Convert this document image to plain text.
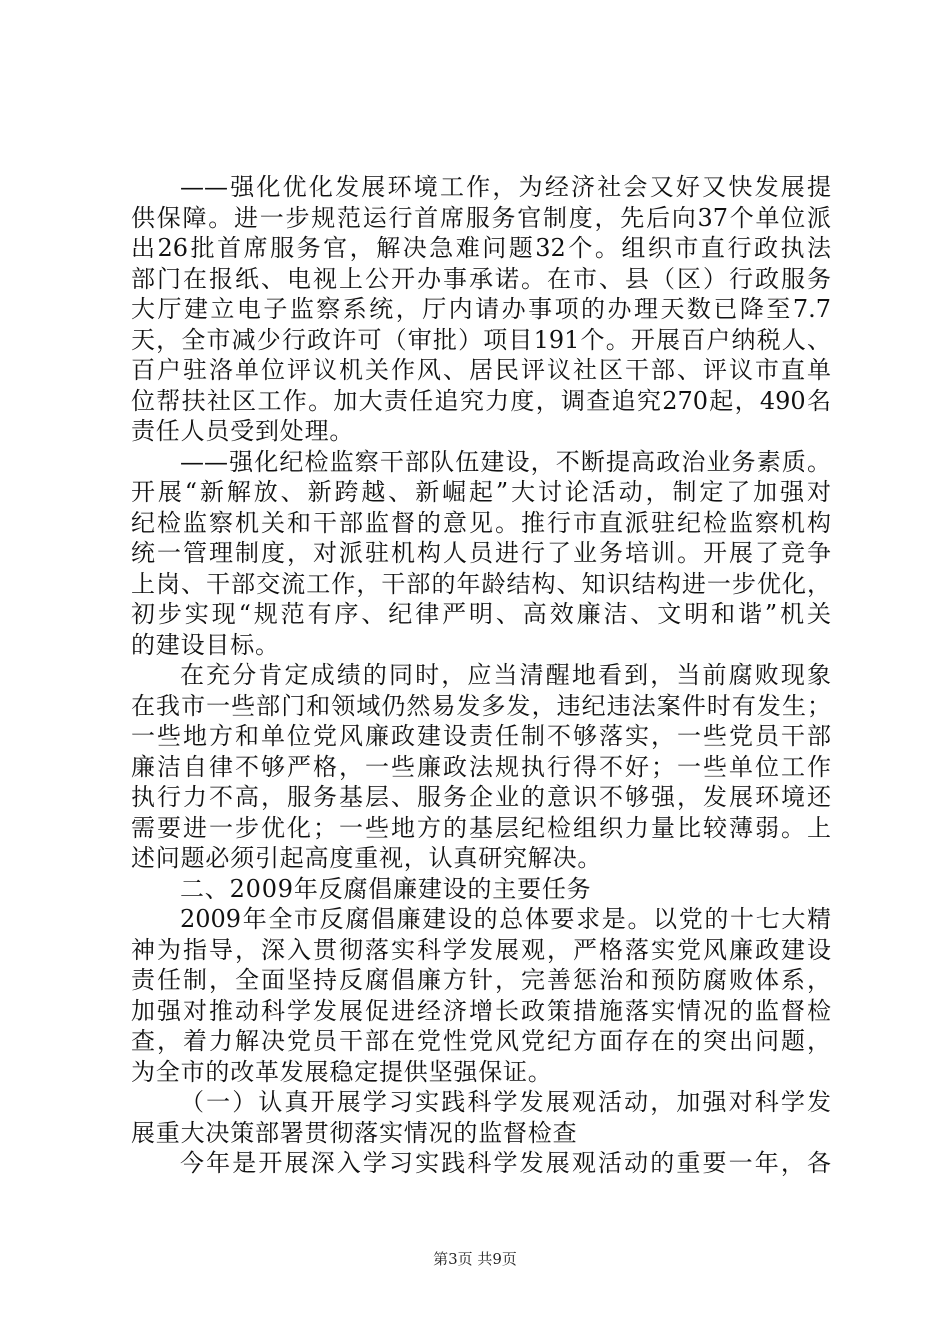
——强化优化发展环境工作，为经济社会又好又快发展提
供保障。进一步规范运行首席服务官制度，先后向37个单位派
出26批首席服务官，解决急难问题32个。组织市直行政执法
部门在报纸、电视上公开办事承诺。在市、县（区）行政服务
大厅建立电子监察系统，厅内请办事项的办理天数已降至7.7
天，全市减少行政许可（审批）项目191个。开展百户纳税人、
百户驻洛单位评议机关作风、居民评议社区干部、评议市直单
位帮扶社区工作。加大责任追究力度，调查追究270起，490名
责任人员受到处理。
——强化纪检监察干部队伍建设，不断提高政治业务素质。
开展“新解放、新跨越、新崛起”大讨论活动，制定了加强对
纪检监察机关和干部监督的意见。推行市直派驻纪检监察机构
统一管理制度，对派驻机构人员进行了业务培训。开展了竞争
上岗、干部交流工作，干部的年龄结构、知识结构进一步优化，
初步实现“规范有序、纪律严明、高效廉洁、文明和谐”机关
的建设目标。
在充分肯定成绩的同时，应当清醒地看到，当前腐败现象
在我市一些部门和领域仍然易发多发，违纪违法案件时有发生；
一些地方和单位党风廉政建设责任制不够落实，一些党员干部
廉洁自律不够严格，一些廉政法规执行得不好；一些单位工作
执行力不高，服务基层、服务企业的意识不够强，发展环境还
需要进一步优化；一些地方的基层纪检组织力量比较薄弱。上
述问题必须引起高度重视，认真研究解决。
二、2009年反腐倡廉建设的主要任务
2009年全市反腐倡廉建设的总体要求是。以党的十七大精
神为指导，深入贯彻落实科学发展观，严格落实党风廉政建设
责任制，全面坚持反腐倡廉方针，完善惩治和预防腐败体系，
加强对推动科学发展促进经济增长政策措施落实情况的监督检
查，着力解决党员干部在党性党风党纪方面存在的突出问题，
为全市的改革发展稳定提供坚强保证。
（一）认真开展学习实践科学发展观活动，加强对科学发
展重大决策部署贯彻落实情况的监督检查
今年是开展深入学习实践科学发展观活动的重要一年，各
第3页 共9页
